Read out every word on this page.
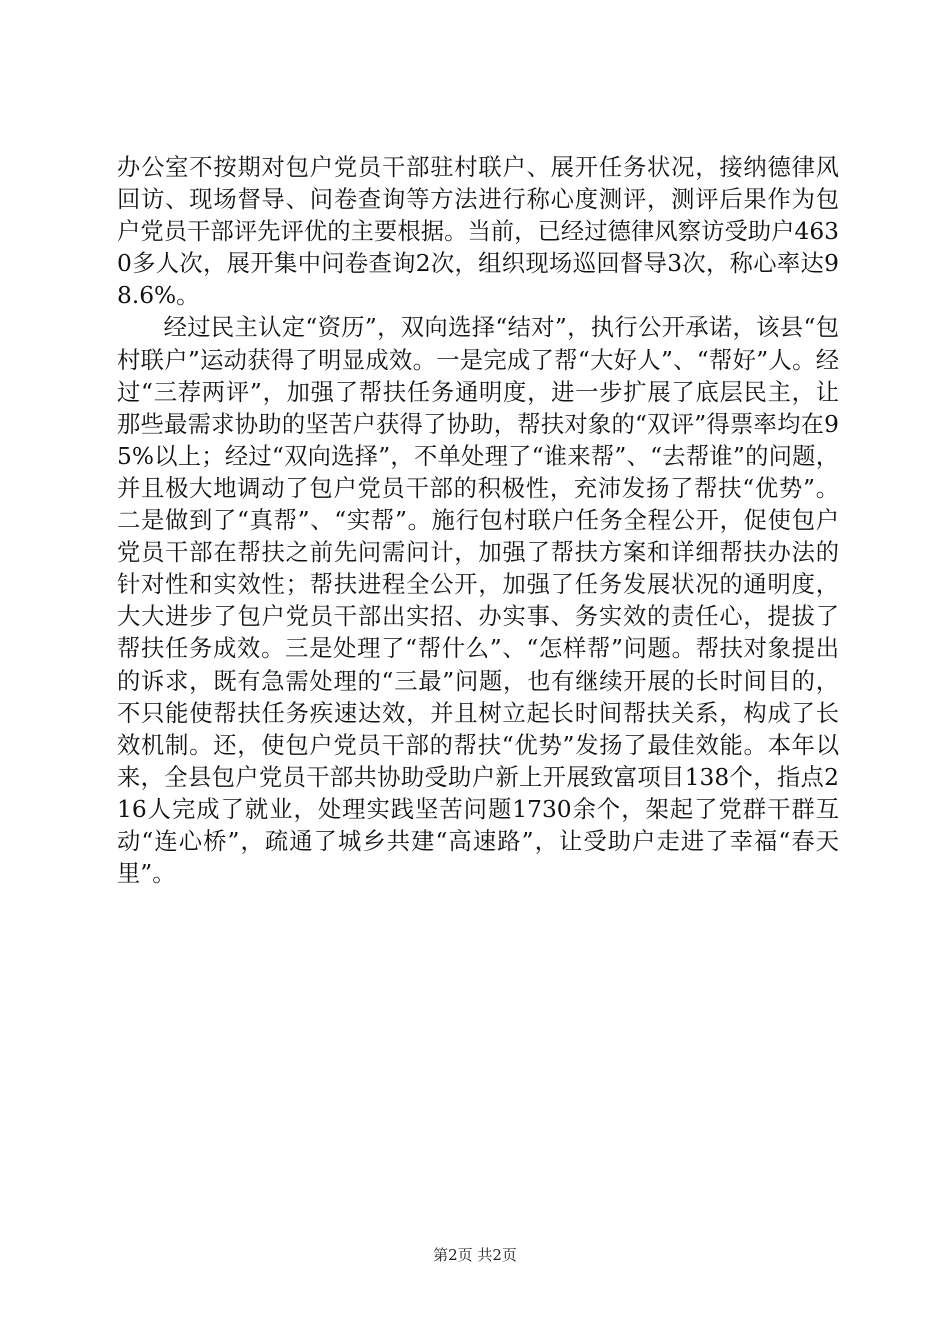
办公室不按期对包户党员干部驻村联户、展开任务状况，接纳德律风回访、现场督导、问卷查询等方法进行称心度测评，测评后果作为包户党员干部评先评优的主要根据。当前，已经过德律风察访受助户4630多人次，展开集中问卷查询2次，组织现场巡回督导3次，称心率达98.6%。

经过民主认定“资历”，双向选择“结对”，执行公开承诺，该县“包村联户”运动获得了明显成效。一是完成了帮“大好人”、“帮好”人。经过“三荐两评”，加强了帮扶任务通明度，进一步扩展了底层民主，让那些最需求协助的坚苦户获得了协助，帮扶对象的“双评”得票率均在95%以上；经过“双向选择”，不单处理了“谁来帮”、“去帮谁”的问题，并且极大地调动了包户党员干部的积极性，充沛发扬了帮扶“优势”。二是做到了“真帮”、“实帮”。施行包村联户任务全程公开，促使包户党员干部在帮扶之前先问需问计，加强了帮扶方案和详细帮扶办法的针对性和实效性；帮扶进程全公开，加强了任务发展状况的通明度，大大进步了包户党员干部出实招、办实事、务实效的责任心，提拔了帮扶任务成效。三是处理了“帮什么”、“怎样帮”问题。帮扶对象提出的诉求，既有急需处理的“三最”问题，也有继续开展的长时间目的，不只能使帮扶任务疾速达效，并且树立起长时间帮扶关系，构成了长效机制。还，使包户党员干部的帮扶“优势”发扬了最佳效能。本年以来，全县包户党员干部共协助受助户新上开展致富项目138个，指点216人完成了就业，处理实践坚苦问题1730余个，架起了党群干群互动“连心桥”，疏通了城乡共建“高速路”，让受助户走进了幸福“春天里”。

第2页 共2页
